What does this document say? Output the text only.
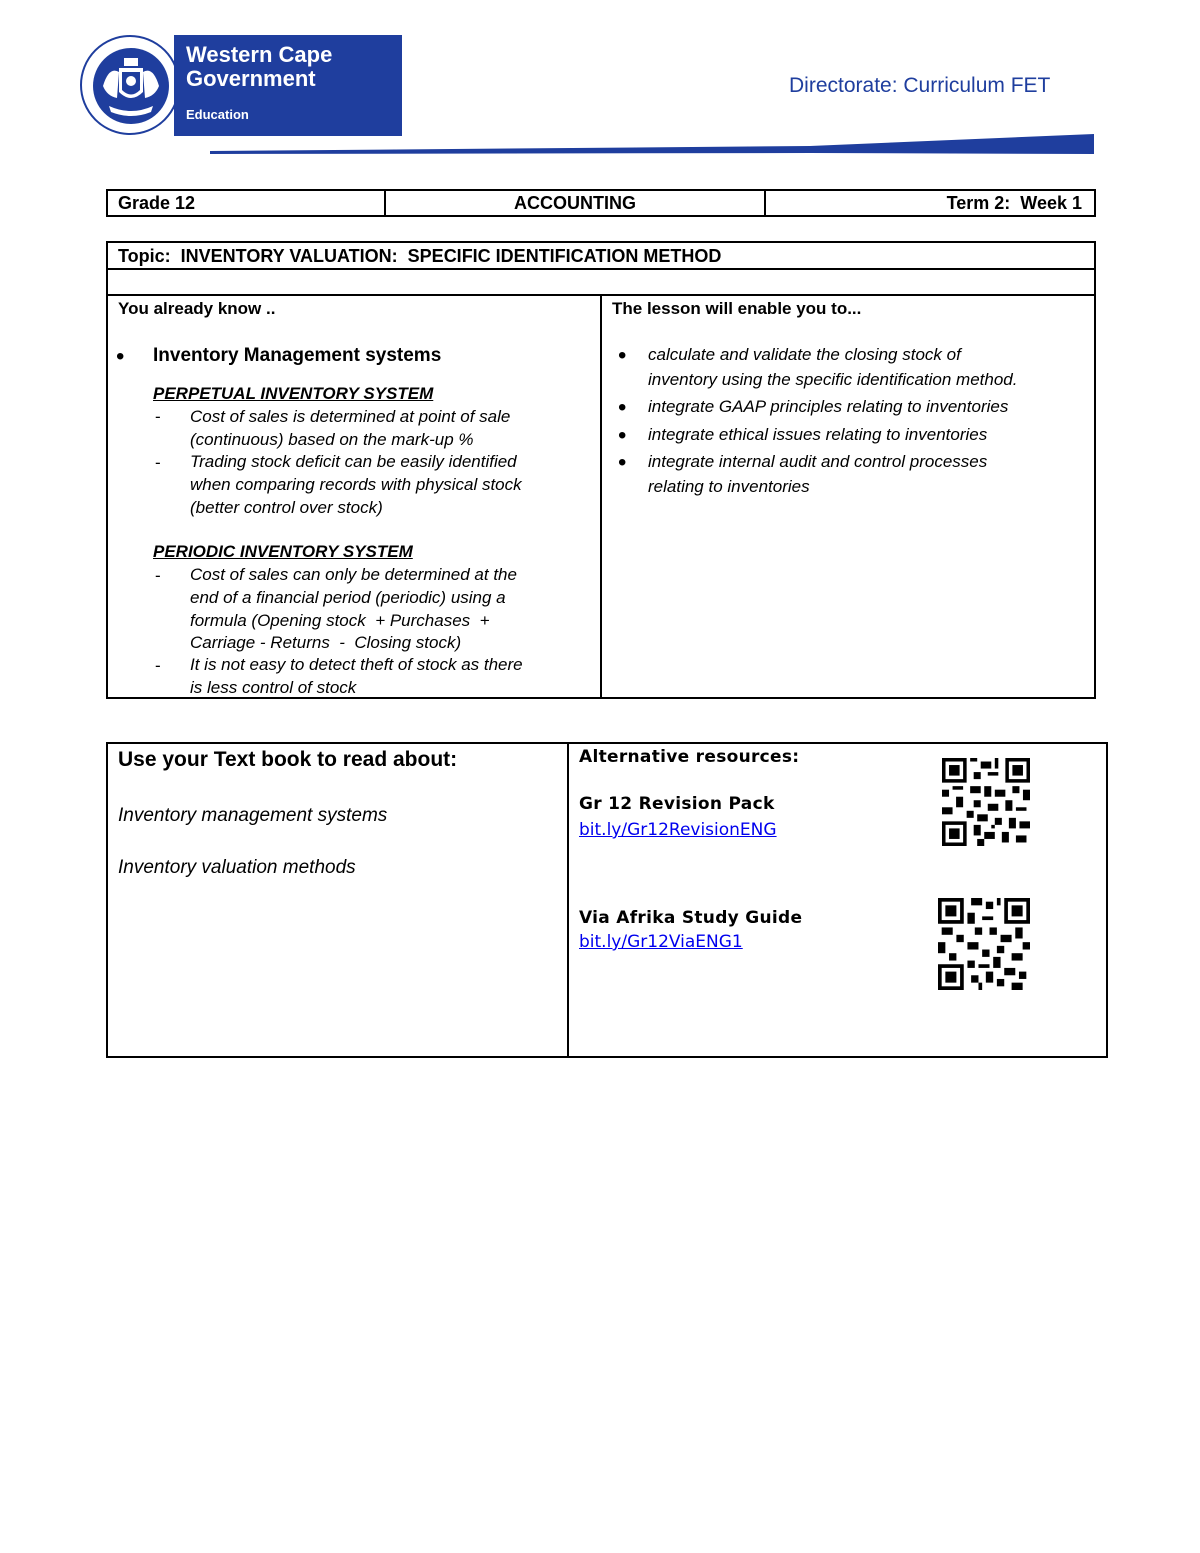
Western Cape
Government
Education
Directorate: Curriculum FET
Grade 12	ACCOUNTING	Term 2:  Week 1
Topic:  INVENTORY VALUATION:  SPECIFIC IDENTIFICATION METHOD
You already know ..
• Inventory Management systems
PERPETUAL INVENTORY SYSTEM
- Cost of sales is determined at point of sale
(continuous) based on the mark-up %
- Trading stock deficit can be easily identified
when comparing records with physical stock
(better control over stock)
PERIODIC INVENTORY SYSTEM
- Cost of sales can only be determined at the
end of a financial period (periodic) using a
formula (Opening stock  + Purchases  +
Carriage - Returns  -  Closing stock)
- It is not easy to detect theft of stock as there
is less control of stock
The lesson will enable you to...
• calculate and validate the closing stock of
inventory using the specific identification method.
• integrate GAAP principles relating to inventories
• integrate ethical issues relating to inventories
• integrate internal audit and control processes
relating to inventories
Use your Text book to read about:
Inventory management systems
Inventory valuation methods
Alternative resources:
Gr 12 Revision Pack
bit.ly/Gr12RevisionENG
Via Afrika Study Guide
bit.ly/Gr12ViaENG1
